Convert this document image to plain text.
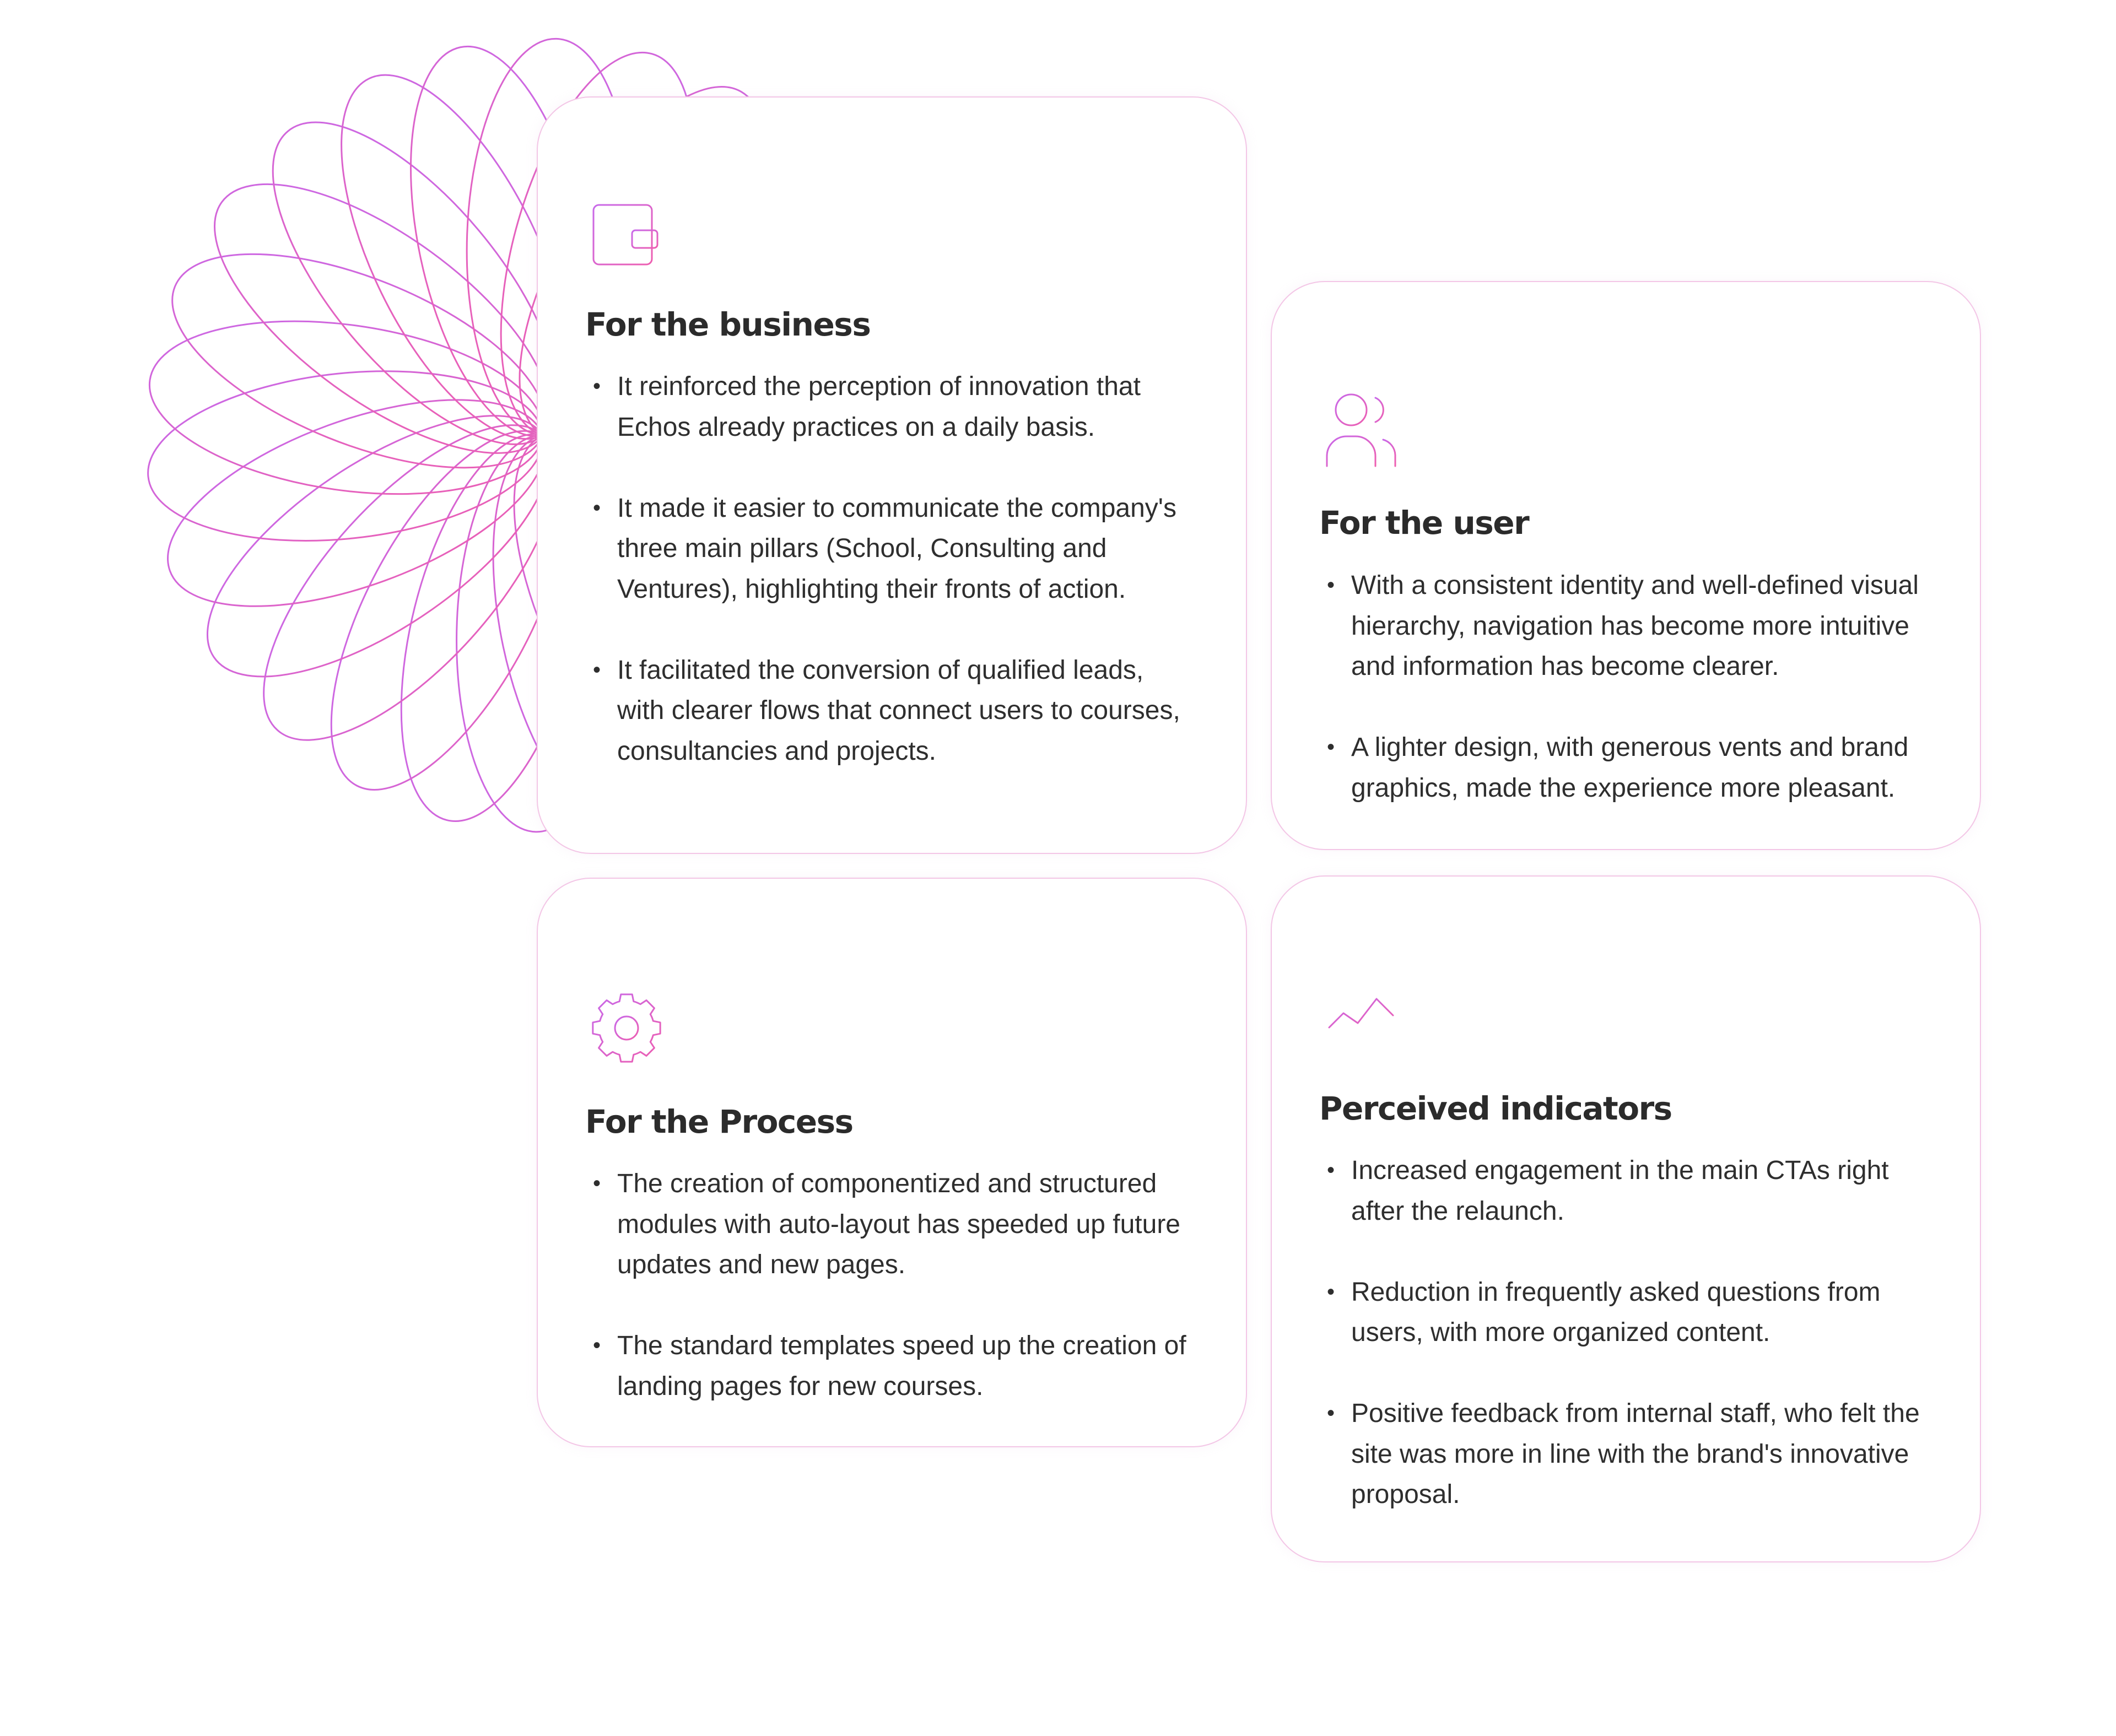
For the business
• It reinforced the perception of innovation that Echos already practices on a daily basis.
• It made it easier to communicate the company's three main pillars (School, Consulting and Ventures), highlighting their fronts of action.
• It facilitated the conversion of qualified leads, with clearer flows that connect users to courses, consultancies and projects.
For the user
• With a consistent identity and well-defined visual hierarchy, navigation has become more intuitive and information has become clearer.
• A lighter design, with generous vents and brand graphics, made the experience more pleasant.
For the Process
• The creation of componentized and structured modules with auto-layout has speeded up future updates and new pages.
• The standard templates speed up the creation of landing pages for new courses.
Perceived indicators
• Increased engagement in the main CTAs right after the relaunch.
• Reduction in frequently asked questions from users, with more organized content.
• Positive feedback from internal staff, who felt the site was more in line with the brand's innovative proposal.
